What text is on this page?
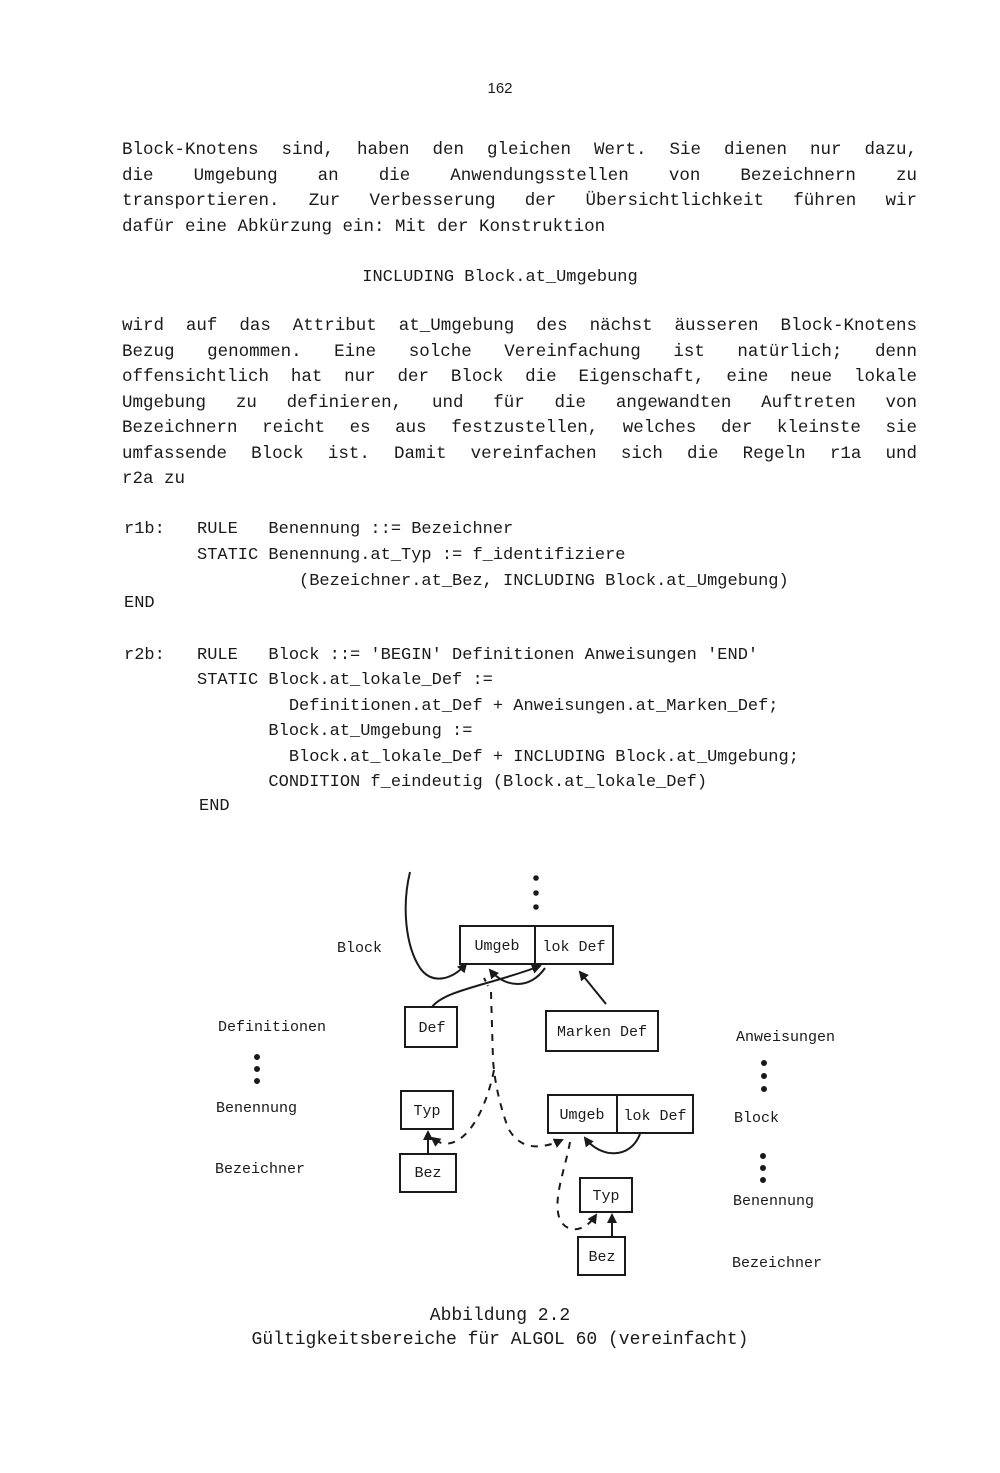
162
Block-Knotens sind, haben den gleichen Wert. Sie dienen nur dazu,
die Umgebung an die Anwendungsstellen von Bezeichnern zu
transportieren. Zur Verbesserung der Übersichtlichkeit führen wir
dafür eine Abkürzung ein: Mit der Konstruktion
INCLUDING Block.at_Umgebung
wird auf das Attribut at_Umgebung des nächst äusseren Block-Knotens
Bezug genommen. Eine solche Vereinfachung ist natürlich; denn
offensichtlich hat nur der Block die Eigenschaft, eine neue lokale
Umgebung zu definieren, und für die angewandten Auftreten von
Bezeichnern reicht es aus festzustellen, welches der kleinste sie
umfassende Block ist. Damit vereinfachen sich die Regeln r1a und
r2a zu
r1b: RULE   Benennung ::= Bezeichner
STATIC Benennung.at_Typ := f_identifiziere
(Bezeichner.at_Bez, INCLUDING Block.at_Umgebung)
END
r2b: RULE   Block ::= 'BEGIN' Definitionen Anweisungen 'END'
STATIC Block.at_lokale_Def :=
Definitionen.at_Def + Anweisungen.at_Marken_Def;
Block.at_Umgebung :=
Block.at_lokale_Def + INCLUDING Block.at_Umgebung;
CONDITION f_eindeutig (Block.at_lokale_Def)
END
Block
Definitionen
Benennung
Bezeichner
Anweisungen
Block
Benennung
Bezeichner
Umgeb lok Def
Def	Marken Def
Typ
Bez
Umgeb lok Def
Typ
Bez
Abbildung 2.2
Gültigkeitsbereiche für ALGOL 60 (vereinfacht)
